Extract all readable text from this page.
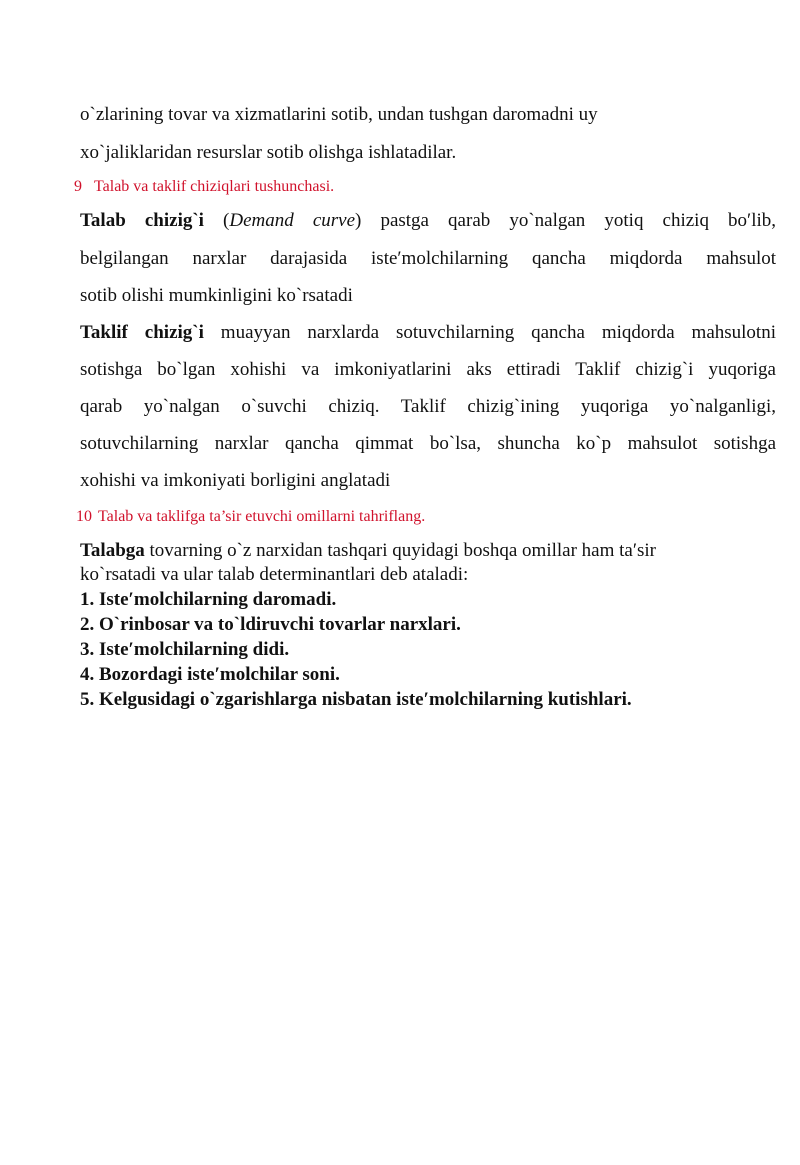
o`zlarining tovar va xizmatlarini sotib, undan tushgan daromadni uy
xo`jaliklaridan resurslar sotib olishga ishlatadilar.
9 Talab va taklif chiziqlari tushunchasi.
Talab chizig`i (Demand curve) pastga qarab yo`nalgan yotiq chiziq bo′lib,
belgilangan narxlar darajasida iste′molchilarning qancha miqdorda mahsulot
sotib olishi mumkinligini ko`rsatadi
Taklif chizig`i muayyan narxlarda sotuvchilarning qancha miqdorda mahsulotni
sotishga bo`lgan xohishi va imkoniyatlarini aks ettiradi Taklif chizig`i yuqoriga
qarab yo`nalgan o`suvchi chiziq. Taklif chizig`ining yuqoriga yo`nalganligi,
sotuvchilarning narxlar qancha qimmat bo`lsa, shuncha ko`p mahsulot sotishga
xohishi va imkoniyati borligini anglatadi
10 Talab va taklifga ta’sir etuvchi omillarni tahriflang.
Talabga tovarning o`z narxidan tashqari quyidagi boshqa omillar ham ta′sir
ko`rsatadi va ular talab determinantlari deb ataladi:
1. Iste′molchilarning daromadi.
2. O`rinbosar va to`ldiruvchi tovarlar narxlari.
3. Iste′molchilarning didi.
4. Bozordagi iste′molchilar soni.
5. Kelgusidagi o`zgarishlarga nisbatan iste′molchilarning kutishlari.
